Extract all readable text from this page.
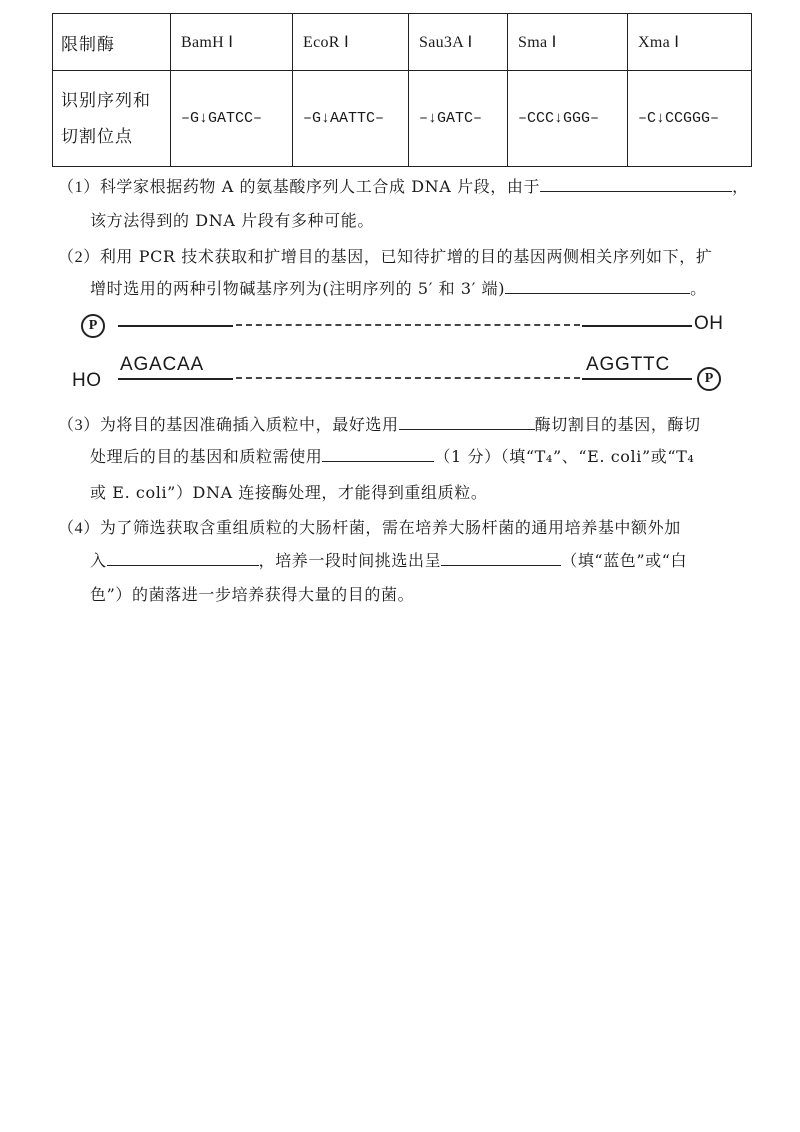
限制酶	BamH Ⅰ	EcoR Ⅰ	Sau3A Ⅰ	Sma Ⅰ	Xma Ⅰ

识别序列和
切割位点	–G↓GATCC–	–G↓AATTC–	–↓GATC–	–CCC↓GGG–	–C↓CCGGG–
（1）科学家根据药物 A 的氨基酸序列人工合成 DNA 片段，由于	，
该方法得到的 DNA 片段有多种可能。
（2）利用 PCR 技术获取和扩增目的基因，已知待扩增的目的基因两侧相关序列如下，扩
增时选用的两种引物碱基序列为(注明序列的 5′ 和 3′ 端)	。
P	OH
HO
AGACAA	AGGTTC
P
（3）为将目的基因准确插入质粒中，最好选用	酶切割目的基因，酶切
处理后的目的基因和质粒需使用	（1 分）（填“T₄”、“E. coli”或“T₄
或 E. coli”）DNA 连接酶处理，才能得到重组质粒。
（4）为了筛选获取含重组质粒的大肠杆菌，需在培养大肠杆菌的通用培养基中额外加
入	，培养一段时间挑选出呈	（填“蓝色”或“白
色”）的菌落进一步培养获得大量的目的菌。
